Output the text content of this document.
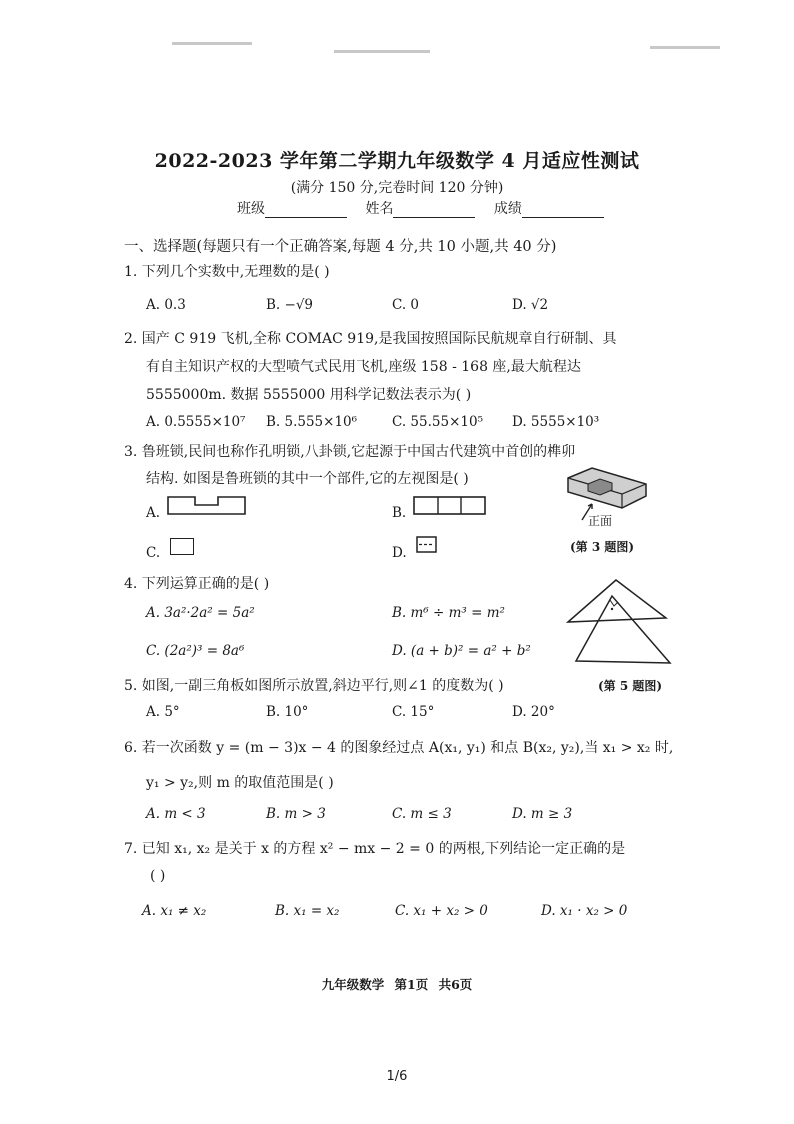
2022-2023 学年第二学期九年级数学 4 月适应性测试
(满分 150 分,完卷时间 120 分钟)
班级	姓名	成绩
一、选择题(每题只有一个正确答案,每题 4 分,共 10 小题,共 40 分)
1. 下列几个实数中,无理数的是( )
A. 0.3	B. −√9	C. 0	D. √2
2. 国产 C 919 飞机,全称 COMAC 919,是我国按照国际民航规章自行研制、具
有自主知识产权的大型喷气式民用飞机,座级 158 - 168 座,最大航程达
5555000m. 数据 5555000 用科学记数法表示为( )
A. 0.5555×10⁷ B. 5.555×10⁶	C. 55.55×10⁵ D. 5555×10³
3. 鲁班锁,民间也称作孔明锁,八卦锁,它起源于中国古代建筑中首创的榫卯
结构. 如图是鲁班锁的其中一个部件,它的左视图是( )
A.	B.
C.	D.
正面
(第 3 题图)
4. 下列运算正确的是( )
A. 3a²·2a² = 5a²	B. m⁶ ÷ m³ = m²
C. (2a²)³ = 8a⁶	D. (a + b)² = a² + b²
5. 如图,一副三角板如图所示放置,斜边平行,则∠1 的度数为( )	(第 5 题图)
A. 5°	B. 10°	C. 15°	D. 20°
6. 若一次函数 y = (m − 3)x − 4 的图象经过点 A(x₁, y₁) 和点 B(x₂, y₂),当 x₁ > x₂ 时,
y₁ > y₂,则 m 的取值范围是( )
A. m < 3	B. m > 3	C. m ≤ 3	D. m ≥ 3
7. 已知 x₁, x₂ 是关于 x 的方程 x² − mx − 2 = 0 的两根,下列结论一定正确的是
( )
A. x₁ ≠ x₂	B. x₁ = x₂	C. x₁ + x₂ > 0	D. x₁ · x₂ > 0
九年级数学 第1页 共6页
1/6
